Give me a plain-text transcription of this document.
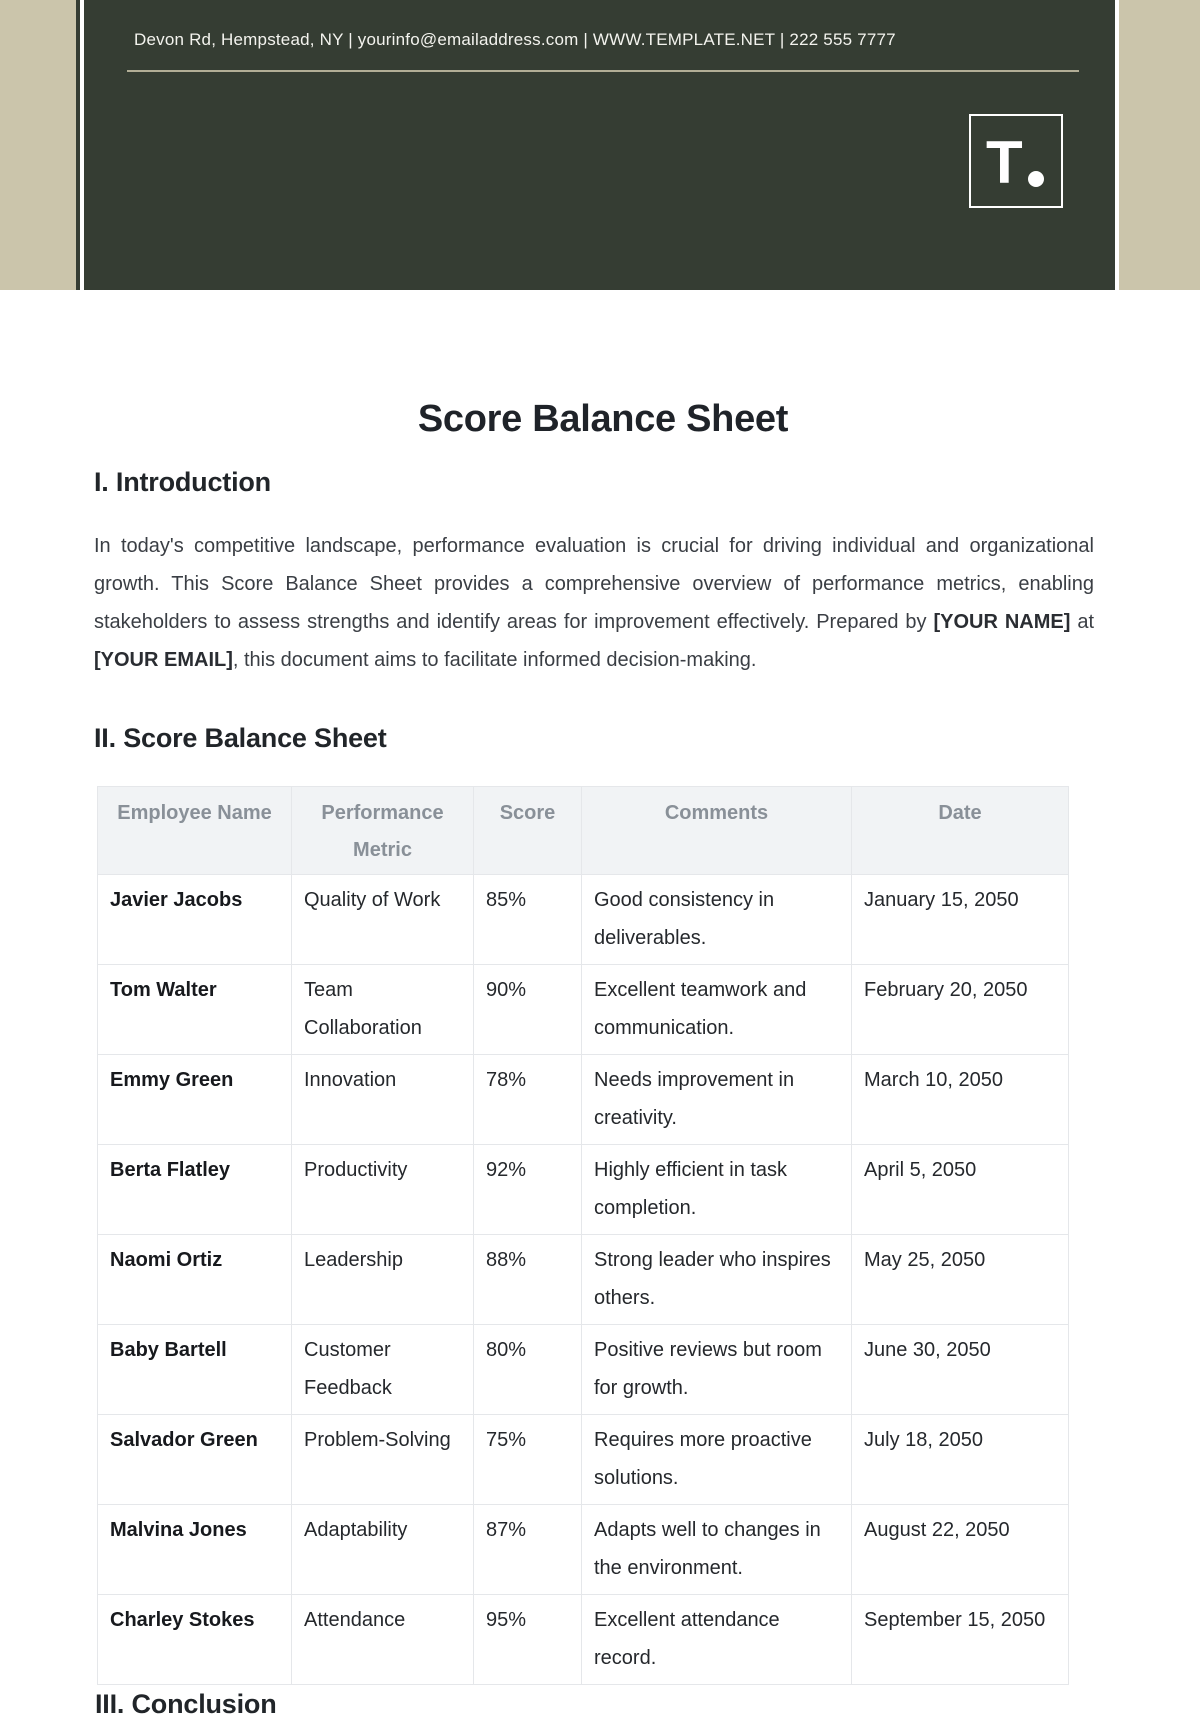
Devon Rd, Hempstead, NY | yourinfo@emailaddress.com | WWW.TEMPLATE.NET | 222 555 7777
T
Score Balance Sheet
I. Introduction

In today's competitive landscape, performance evaluation is crucial for driving individual and organizational growth. This Score Balance Sheet provides a comprehensive overview of performance metrics, enabling stakeholders to assess strengths and identify areas for improvement effectively. Prepared by [YOUR NAME] at [YOUR EMAIL], this document aims to facilitate informed decision-making.

II. Score Balance Sheet
Employee Name	Performance Metric	Score	Comments	Date
Javier Jacobs	Quality of Work	85%	Good consistency in deliverables.	January 15, 2050
Tom Walter	Team Collaboration	90%	Excellent teamwork and communication.	February 20, 2050
Emmy Green	Innovation	78%	Needs improvement in creativity.	March 10, 2050
Berta Flatley	Productivity	92%	Highly efficient in task completion.	April 5, 2050
Naomi Ortiz	Leadership	88%	Strong leader who inspires others.	May 25, 2050
Baby Bartell	Customer Feedback	80%	Positive reviews but room for growth.	June 30, 2050
Salvador Green	Problem-Solving	75%	Requires more proactive solutions.	July 18, 2050
Malvina Jones	Adaptability	87%	Adapts well to changes in the environment.	August 22, 2050
Charley Stokes	Attendance	95%	Excellent attendance record.	September 15, 2050
III. Conclusion
